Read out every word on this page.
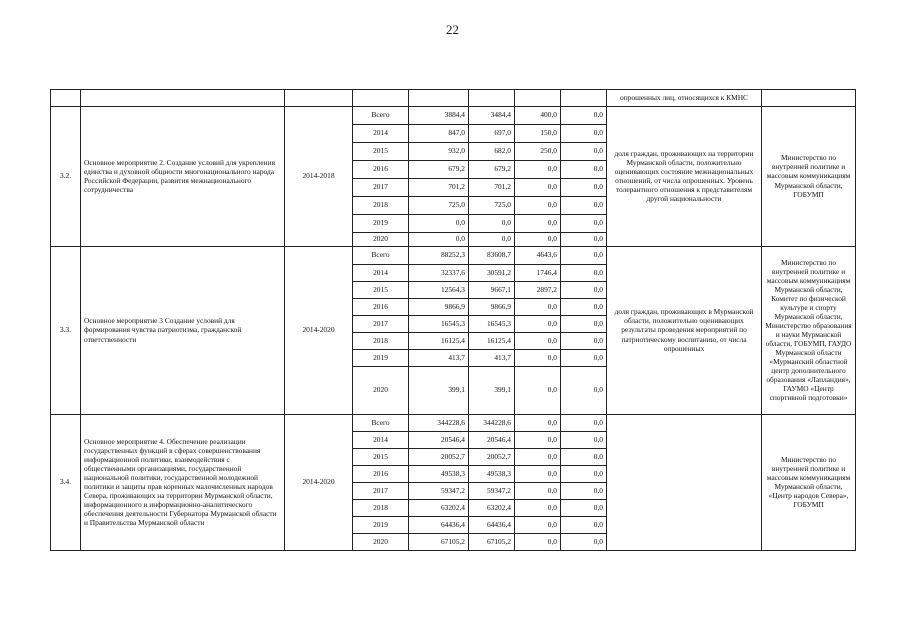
22
								опрошенных лиц, относящихся к КМНС	
3.2.	Основное мероприятие 2. Создание условий для укрепления единства и духовной общности многонационального народа Российской Федерации, развития межнационального сотрудничества	2014-2018	Всего	3884,4	3484,4	400,0	0,0	доля граждан, проживающих на территории Мурманской области, положительно оценивающих состояние межнациональных отношений, от числа опрошенных. Уровень толерантного отношения к представителям другой национальности	Министерство по внутренней политике и массовым коммуникациям Мурманской области, ГОБУМП
			2014	847,0	697,0	150,0	0,0		
			2015	932,0	682,0	250,0	0,0		
			2016	679,2	679,2	0,0	0,0		
			2017	701,2	701,2	0,0	0,0		
			2018	725,0	725,0	0,0	0,0		
			2019	0,0	0,0	0,0	0,0		
			2020	0,0	0,0	0,0	0,0		
3.3.	Основное мероприятие 3 Создание условий для формирования чувства патриотизма, гражданской ответственности	2014-2020	Всего	88252,3	83608,7	4643,6	0,0	доля граждан, проживающих в Мурманской области, положительно оценивающих результаты проведения мероприятий по патриотическому воспитанию, от числа опрошенных	Министерство по внутренней политике и массовым коммуникациям Мурманской области, Комитет по физической культуре и спорту Мурманской области, Министерство образования и науки Мурманской области, ГОБУМП, ГАУДО Мурманской области «Мурманский областной центр дополнительного образования «Лапландия», ГАУМО «Центр спортивной подготовки»
			2014	32337,6	30591,2	1746,4	0,0		
			2015	12564,3	9667,1	2897,2	0,0		
			2016	9866,9	9866,9	0,0	0,0		
			2017	16545,3	16545,3	0,0	0,0		
			2018	16125,4	16125,4	0,0	0,0		
			2019	413,7	413,7	0,0	0,0		
			2020	399,1	399,1	0,0	0,0		
3.4.	Основное мероприятие 4. Обеспечение реализации государственных функций в сферах совершенствования информационной политики, взаимодействия с общественными организациями, государственной национальной политики, государственной молодежной политики и защиты прав коренных малочисленных народов Севера, проживающих на территории Мурманской области, информационного и информационно-аналитического обеспечения деятельности Губернатора Мурманской области и Правительства Мурманской области	2014-2020	Всего	344228,6	344228,6	0,0	0,0		Министерство по внутренней политике и массовым коммуникациям Мурманской области, «Центр народов Севера», ГОБУМП
			2014	20546,4	20546,4	0,0	0,0		
			2015	20052,7	20052,7	0,0	0,0		
			2016	49538,3	49538,3	0,0	0,0		
			2017	59347,2	59347,2	0,0	0,0		
			2018	63202,4	63202,4	0,0	0,0		
			2019	64436,4	64436,4	0,0	0,0		
			2020	67105,2	67105,2	0,0	0,0		
